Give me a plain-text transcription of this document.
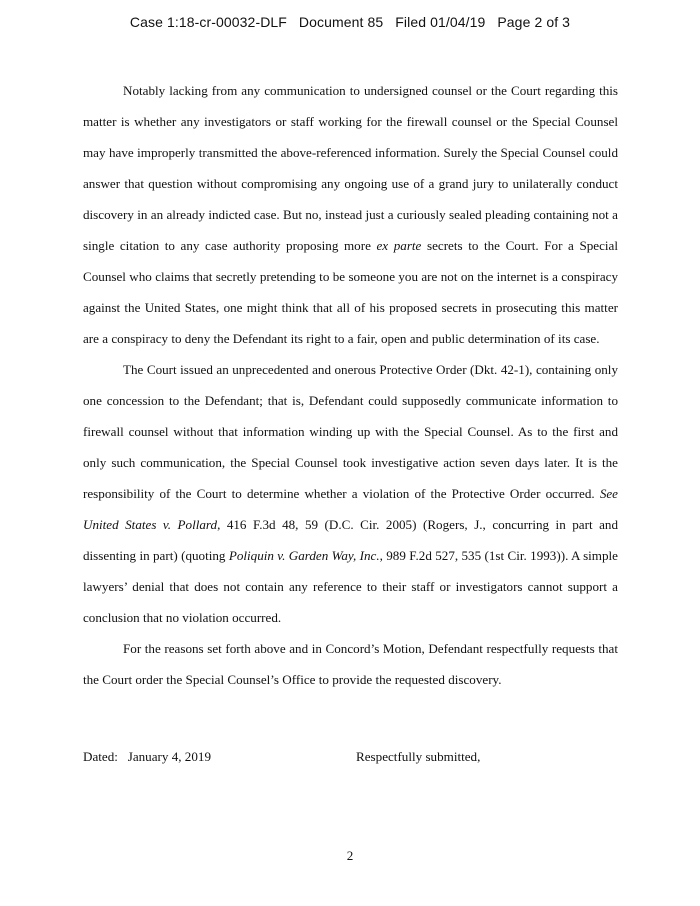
Case 1:18-cr-00032-DLF   Document 85   Filed 01/04/19   Page 2 of 3

Notably lacking from any communication to undersigned counsel or the Court regarding this matter is whether any investigators or staff working for the firewall counsel or the Special Counsel may have improperly transmitted the above-referenced information. Surely the Special Counsel could answer that question without compromising any ongoing use of a grand jury to unilaterally conduct discovery in an already indicted case. But no, instead just a curiously sealed pleading containing not a single citation to any case authority proposing more ex parte secrets to the Court. For a Special Counsel who claims that secretly pretending to be someone you are not on the internet is a conspiracy against the United States, one might think that all of his proposed secrets in prosecuting this matter are a conspiracy to deny the Defendant its right to a fair, open and public determination of its case.

The Court issued an unprecedented and onerous Protective Order (Dkt. 42-1), containing only one concession to the Defendant; that is, Defendant could supposedly communicate information to firewall counsel without that information winding up with the Special Counsel. As to the first and only such communication, the Special Counsel took investigative action seven days later. It is the responsibility of the Court to determine whether a violation of the Protective Order occurred. See United States v. Pollard, 416 F.3d 48, 59 (D.C. Cir. 2005) (Rogers, J., concurring in part and dissenting in part) (quoting Poliquin v. Garden Way, Inc., 989 F.2d 527, 535 (1st Cir. 1993)). A simple lawyers’ denial that does not contain any reference to their staff or investigators cannot support a conclusion that no violation occurred.

For the reasons set forth above and in Concord’s Motion, Defendant respectfully requests that the Court order the Special Counsel’s Office to provide the requested discovery.

Dated:   January 4, 2019	Respectfully submitted,
2
